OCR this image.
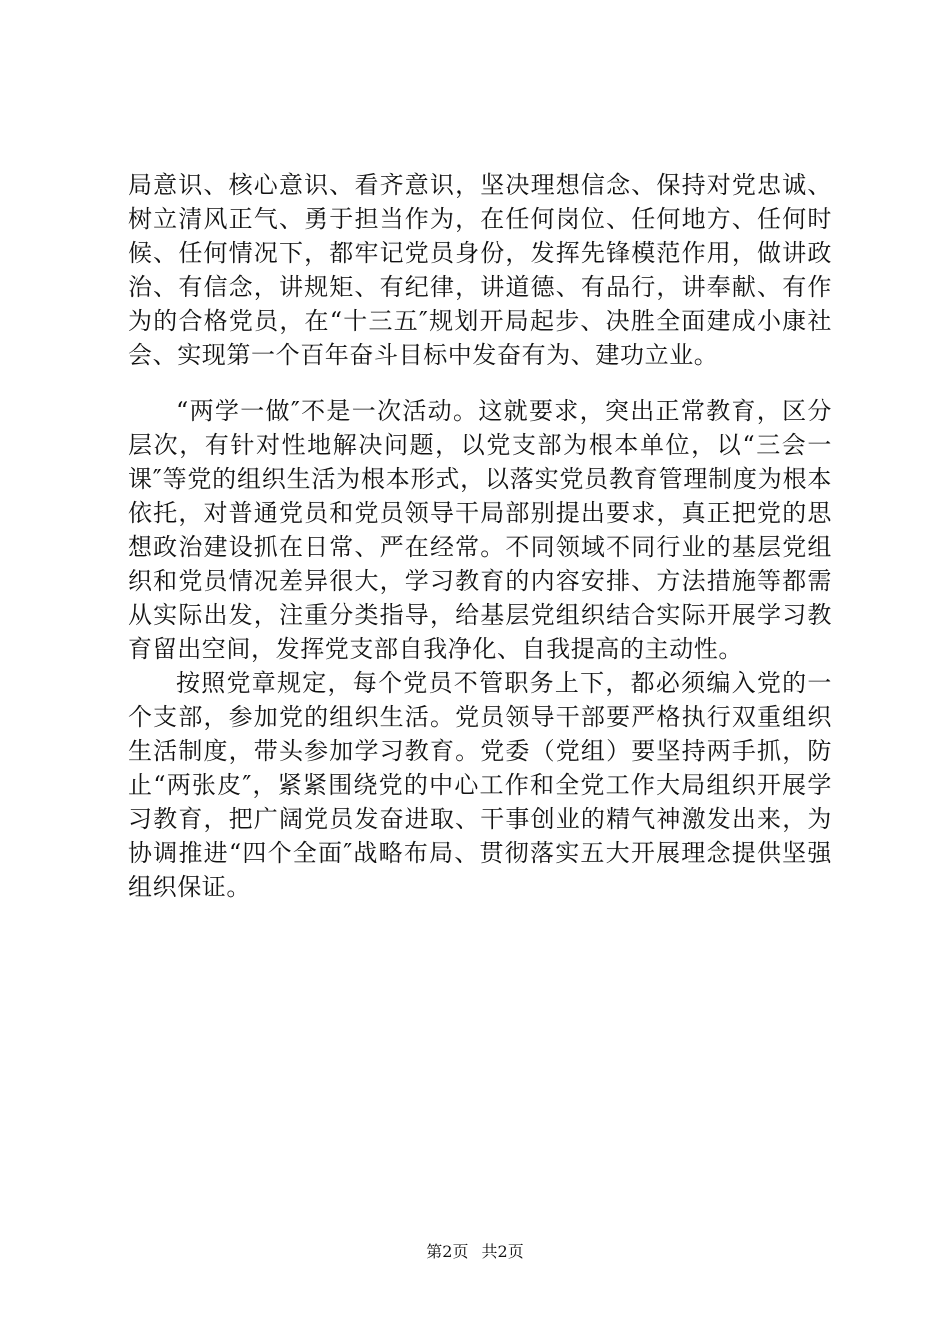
局意识、核心意识、看齐意识，坚决理想信念、保持对党忠诚、树立清风正气、勇于担当作为，在任何岗位、任何地方、任何时候、任何情况下，都牢记党员身份，发挥先锋模范作用，做讲政治、有信念，讲规矩、有纪律，讲道德、有品行，讲奉献、有作为的合格党员，在“十三五″规划开局起步、决胜全面建成小康社会、实现第一个百年奋斗目标中发奋有为、建功立业。

“两学一做″不是一次活动。这就要求，突出正常教育，区分层次，有针对性地解决问题，以党支部为根本单位，以“三会一课″等党的组织生活为根本形式，以落实党员教育管理制度为根本依托，对普通党员和党员领导干局部别提出要求，真正把党的思想政治建设抓在日常、严在经常。不同领域不同行业的基层党组织和党员情况差异很大，学习教育的内容安排、方法措施等都需从实际出发，注重分类指导，给基层党组织结合实际开展学习教育留出空间，发挥党支部自我净化、自我提高的主动性。

按照党章规定，每个党员不管职务上下，都必须编入党的一个支部，参加党的组织生活。党员领导干部要严格执行双重组织生活制度，带头参加学习教育。党委（党组）要坚持两手抓，防止“两张皮″，紧紧围绕党的中心工作和全党工作大局组织开展学习教育，把广阔党员发奋进取、干事创业的精气神激发出来，为协调推进“四个全面″战略布局、贯彻落实五大开展理念提供坚强组织保证。

第2页 共2页
